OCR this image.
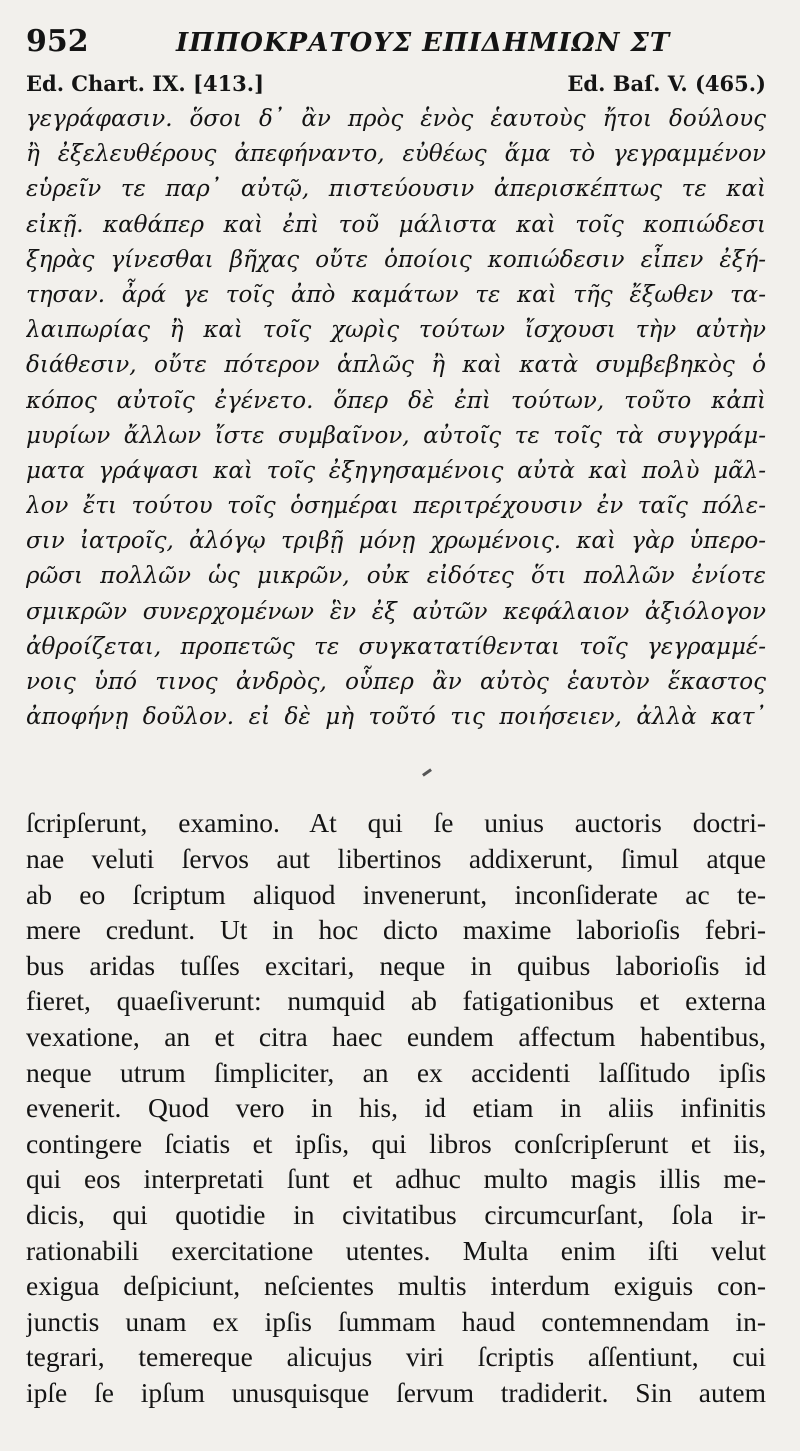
952	ΙΠΠΟΚΡΑΤΟΥΣ ΕΠΙΔΗΜΙΩΝ ΣΤ
Ed. Chart. IX. [413.]	Ed. Baſ. V. (465.)
γεγράφασιν. ὅσοι δ᾽ ἂν πρὸς ἑνὸς ἑαυτοὺς ἤτοι δούλους
ἢ ἐξελευθέρους ἀπεφήναντο, εὐθέως ἅμα τὸ γεγραμμένον
εὑρεῖν τε παρ᾽ αὐτῷ, πιστεύουσιν ἀπερισκέπτως τε καὶ
εἰκῇ. καθάπερ καὶ ἐπὶ τοῦ μάλιστα καὶ τοῖς κοπιώδεσι
ξηρὰς γίνεσθαι βῆχας οὔτε ὁποίοις κοπιώδεσιν εἶπεν ἐξή-
τησαν. ἆρά γε τοῖς ἀπὸ καμάτων τε καὶ τῆς ἔξωθεν τα-
λαιπωρίας ἢ καὶ τοῖς χωρὶς τούτων ἴσχουσι τὴν αὐτὴν
διάθεσιν, οὔτε πότερον ἁπλῶς ἢ καὶ κατὰ συμβεβηκὸς ὁ
κόπος αὐτοῖς ἐγένετο. ὅπερ δὲ ἐπὶ τούτων, τοῦτο κἀπὶ
μυρίων ἄλλων ἴστε συμβαῖνον, αὐτοῖς τε τοῖς τὰ συγγράμ-
ματα γράψασι καὶ τοῖς ἐξηγησαμένοις αὐτὰ καὶ πολὺ μᾶλ-
λον ἔτι τούτου τοῖς ὁσημέραι περιτρέχουσιν ἐν ταῖς πόλε-
σιν ἰατροῖς, ἀλόγῳ τριβῇ μόνῃ χρωμένοις. καὶ γὰρ ὑπερο-
ρῶσι πολλῶν ὡς μικρῶν, οὐκ εἰδότες ὅτι πολλῶν ἐνίοτε
σμικρῶν συνερχομένων ἓν ἐξ αὐτῶν κεφάλαιον ἀξιόλογον
ἀθροίζεται, προπετῶς τε συγκατατίθενται τοῖς γεγραμμέ-
νοις ὑπό τινος ἀνδρὸς, οὗπερ ἂν αὐτὸς ἑαυτὸν ἕκαστος
ἀποφήνῃ δοῦλον. εἰ δὲ μὴ τοῦτό τις ποιήσειεν, ἀλλὰ κατ᾽
ſcripſerunt, examino. At qui ſe unius auctoris doctri-
nae veluti ſervos aut libertinos addixerunt, ſimul atque
ab eo ſcriptum aliquod invenerunt, inconſiderate ac te-
mere credunt. Ut in hoc dicto maxime laborioſis febri-
bus aridas tuſſes excitari, neque in quibus laborioſis id
fieret, quaeſiverunt: numquid ab fatigationibus et externa
vexatione, an et citra haec eundem affectum habentibus,
neque utrum ſimpliciter, an ex accidenti laſſitudo ipſis
evenerit. Quod vero in his, id etiam in aliis infinitis
contingere ſciatis et ipſis, qui libros conſcripſerunt et iis,
qui eos interpretati ſunt et adhuc multo magis illis me-
dicis, qui quotidie in civitatibus circumcurſant, ſola ir-
rationabili exercitatione utentes. Multa enim iſti velut
exigua deſpiciunt, neſcientes multis interdum exiguis con-
junctis unam ex ipſis ſummam haud contemnendam in-
tegrari, temereque alicujus viri ſcriptis aſſentiunt, cui
ipſe ſe ipſum unusquisque ſervum tradiderit. Sin autem
